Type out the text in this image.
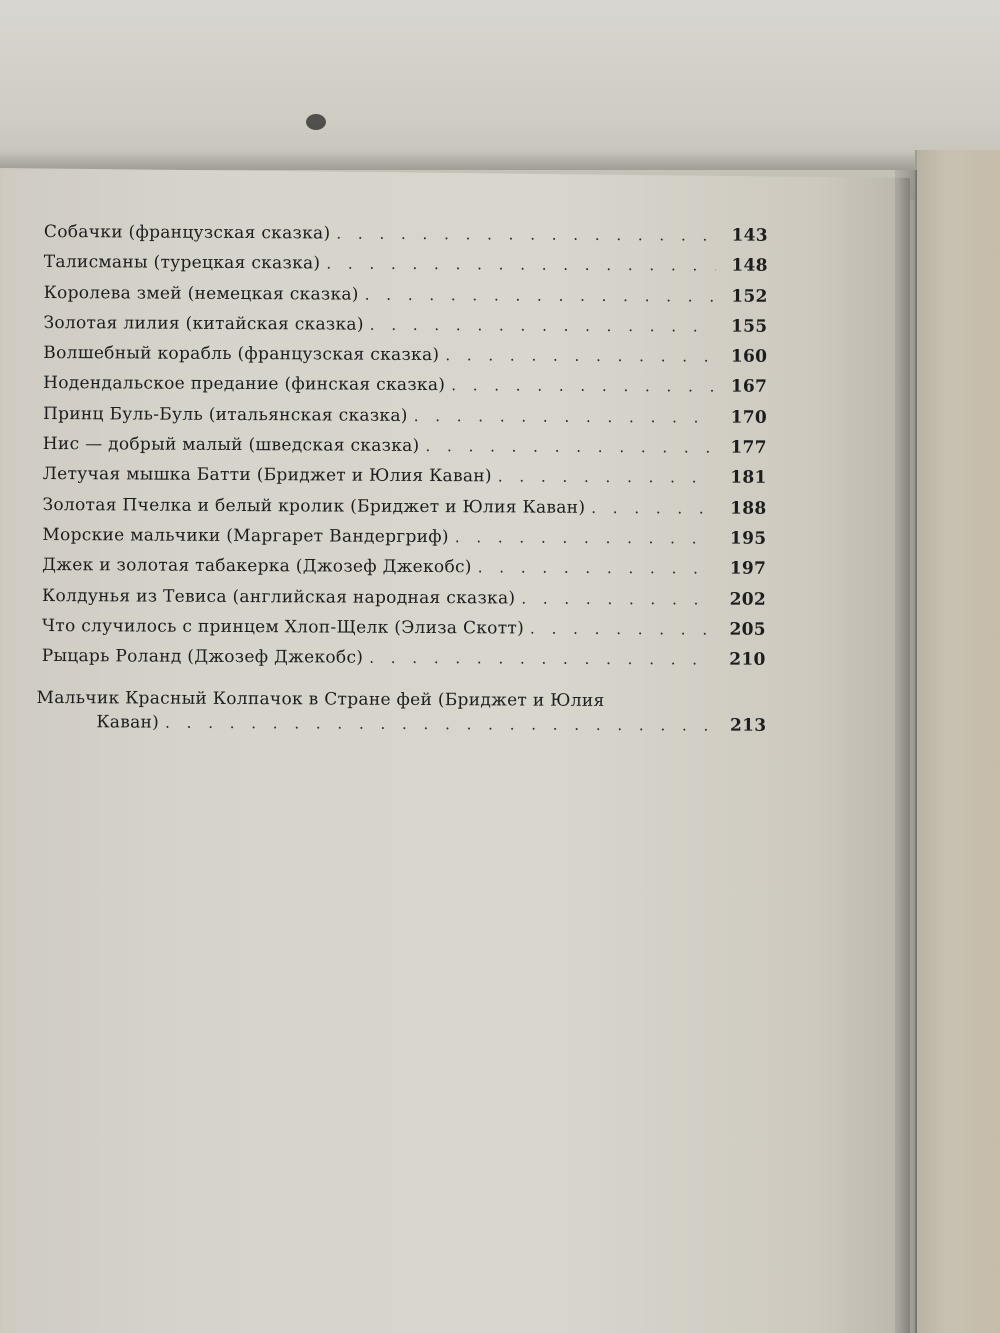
Собачки (французская сказка) . . .	143
Талисманы (турецкая сказка) . . .	148
Королева змей (немецкая сказка) . . .	152
Золотая лилия (китайская сказка) . . .	155
Волшебный корабль (французская сказка) . . .	160
Нодендальское предание (финская сказка) . . .	167
Принц Буль-Буль (итальянская сказка) . . .	170
Нис — добрый малый (шведская сказка) . . .	177
Летучая мышка Батти (Бриджет и Юлия Каван) . . .	181
Золотая Пчелка и белый кролик (Бриджет и Юлия Каван) . . .	188
Морские мальчики (Маргарет Вандергриф) . . .	195
Джек и золотая табакерка (Джозеф Джекобс) . . .	197
Колдунья из Тевиса (английская народная сказка) . . .	202
Что случилось с принцем Хлоп-Щелк (Элиза Скотт) . . .	205
Рыцарь Роланд (Джозеф Джекобс) . . .	210
Мальчик Красный Колпачок в Стране фей (Бриджет и Юлия
Каван) . . .	213
